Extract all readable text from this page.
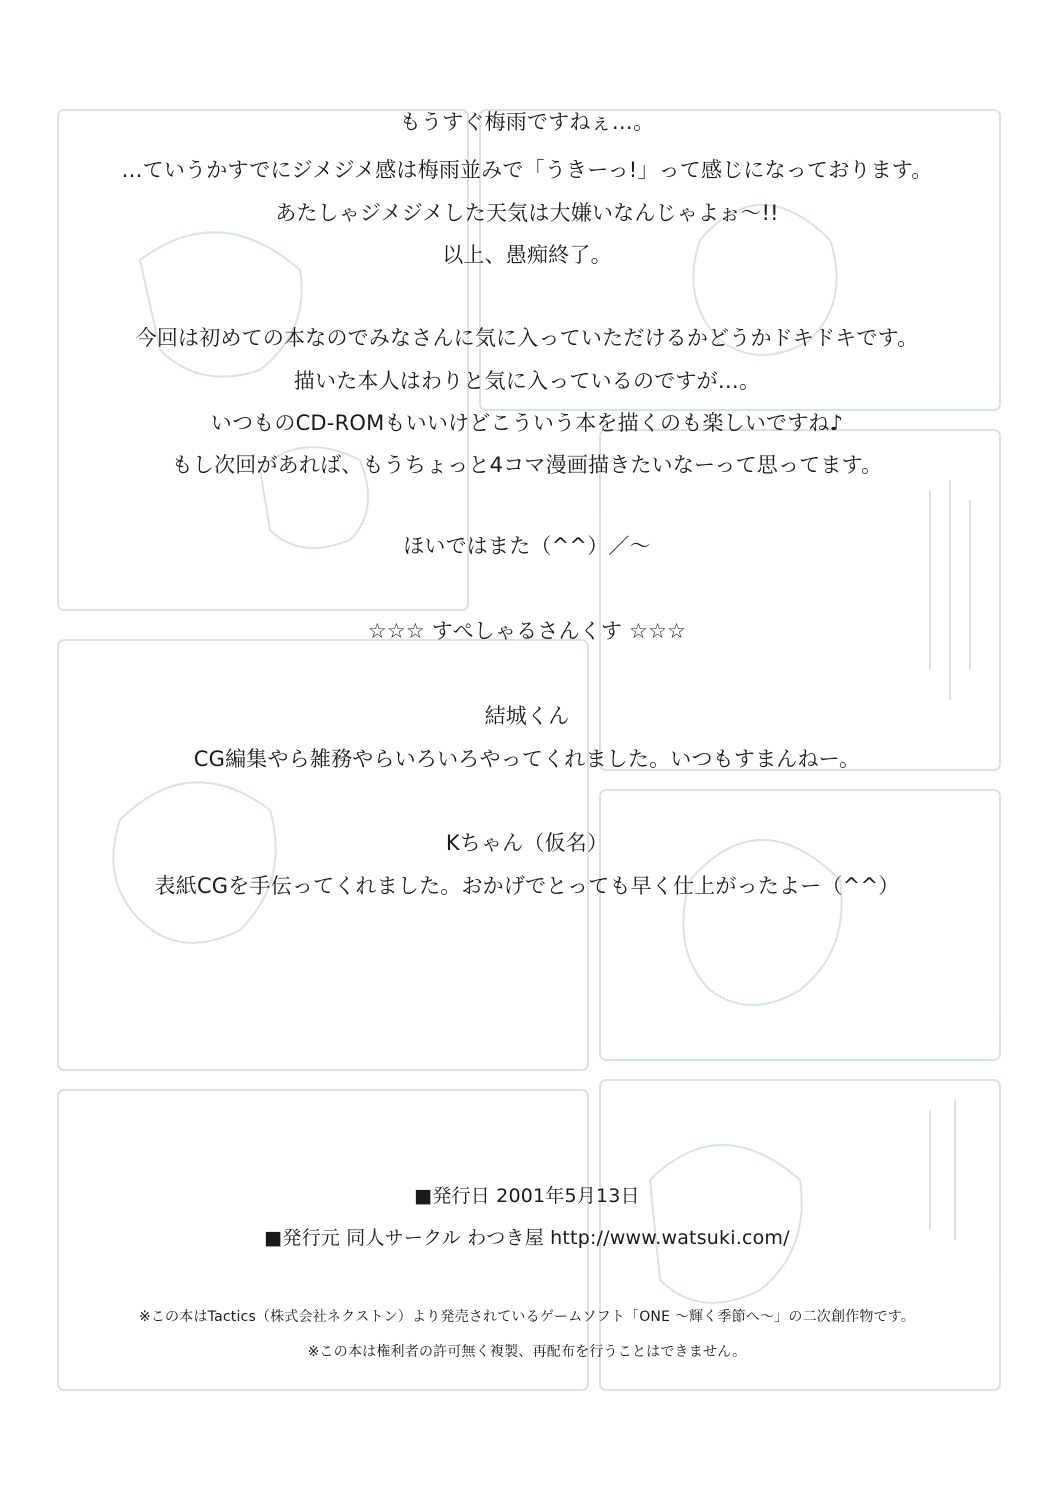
もうすぐ梅雨ですねぇ…。
…ていうかすでにジメジメ感は梅雨並みで「うきーっ!」って感じになっております。
あたしゃジメジメした天気は大嫌いなんじゃよぉ～!!
以上、愚痴終了。
今回は初めての本なのでみなさんに気に入っていただけるかどうかドキドキです。
描いた本人はわりと気に入っているのですが…。
いつものCD-ROMもいいけどこういう本を描くのも楽しいですね♪
もし次回があれば、もうちょっと4コマ漫画描きたいなーって思ってます。
ほいではまた（^^）／～
☆☆☆ すぺしゃるさんくす ☆☆☆
結城くん
CG編集やら雑務やらいろいろやってくれました。いつもすまんねー。
Kちゃん（仮名）
表紙CGを手伝ってくれました。おかげでとっても早く仕上がったよー（^^）
■発行日 2001年5月13日
■発行元 同人サークル わつき屋 http://www.watsuki.com/
※この本はTactics（株式会社ネクストン）より発売されているゲームソフト「ONE ～輝く季節へ～」の二次創作物です。
※この本は権利者の許可無く複製、再配布を行うことはできません。
